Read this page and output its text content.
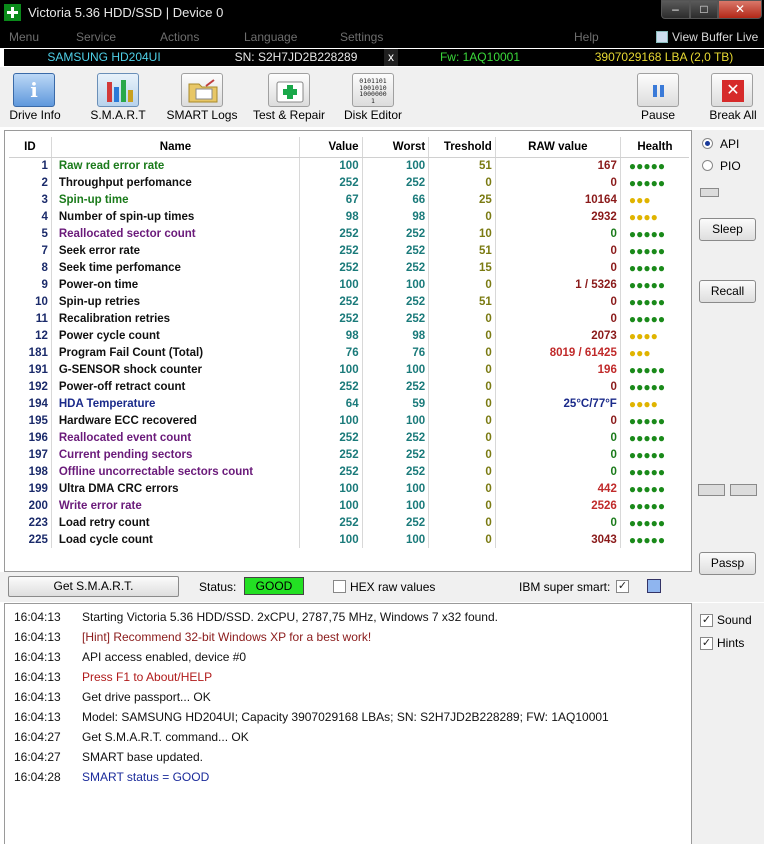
Victoria 5.36 HDD/SSD | Device 0	–	□	✕
Menu	Service	Actions	Language	Settings	Help	View Buffer Live
SAMSUNG HD204UI	SN: S2H7JD2B228289	x	Fw: 1AQ10001	3907029168 LBA (2,0 TB)
i
Drive Info	S.M.A.R.T	SMART Logs	Test & Repair
0101101100101010000001
Disk Editor	Pause
✕
Break All
ID	Name	Value	Worst	Treshold	RAW value	Health
1	Raw read error rate	100	100	51	167	●●●●●
2	Throughput perfomance	252	252	0	0	●●●●●
3	Spin-up time	67	66	25	10164	●●●
4	Number of spin-up times	98	98	0	2932	●●●●
5	Reallocated sector count	252	252	10	0	●●●●●
7	Seek error rate	252	252	51	0	●●●●●
8	Seek time perfomance	252	252	15	0	●●●●●
9	Power-on time	100	100	0	1 / 5326	●●●●●
10	Spin-up retries	252	252	51	0	●●●●●
11	Recalibration retries	252	252	0	0	●●●●●
12	Power cycle count	98	98	0	2073	●●●●
181	Program Fail Count (Total)	76	76	0	8019 / 61425	●●●
191	G-SENSOR shock counter	100	100	0	196	●●●●●
192	Power-off retract count	252	252	0	0	●●●●●
194	HDA Temperature	64	59	0	25°C/77°F	●●●●
195	Hardware ECC recovered	100	100	0	0	●●●●●
196	Reallocated event count	252	252	0	0	●●●●●
197	Current pending sectors	252	252	0	0	●●●●●
198	Offline uncorrectable sectors count	252	252	0	0	●●●●●
199	Ultra DMA CRC errors	100	100	0	442	●●●●●
200	Write error rate	100	100	0	2526	●●●●●
223	Load retry count	252	252	0	0	●●●●●
225	Load cycle count	100	100	0	3043	●●●●●
API
PIO
Sleep
Recall
Passp
Get S.M.A.R.T.	Status:	GOOD	HEX raw values	IBM super smart: ✓
16:04:13 Starting Victoria 5.36 HDD/SSD. 2xCPU, 2787,75 MHz, Windows 7 x32 found.
16:04:13 [Hint] Recommend 32-bit Windows XP for a best work!
16:04:13 API access enabled, device #0
16:04:13 Press F1 to About/HELP
16:04:13 Get drive passport... OK
16:04:13 Model: SAMSUNG HD204UI; Capacity 3907029168 LBAs; SN: S2H7JD2B228289; FW: 1AQ10001
16:04:27 Get S.M.A.R.T. command... OK
16:04:27 SMART base updated.
16:04:28 SMART status = GOOD
✓ Sound
✓ Hints
